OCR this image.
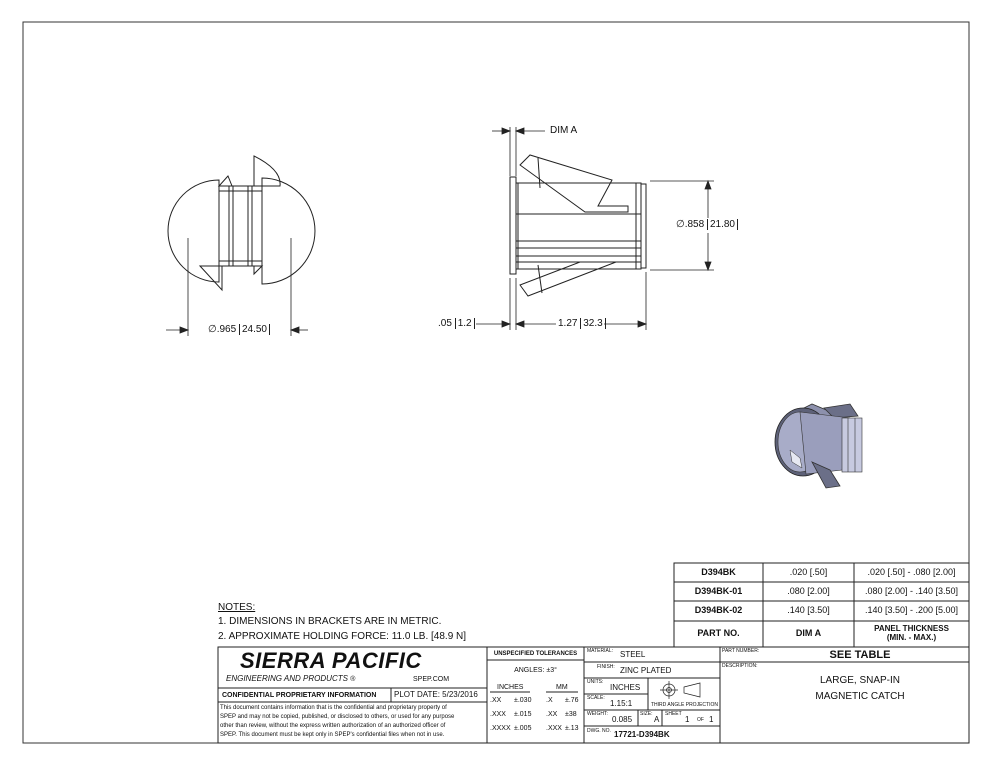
DIM A
∅.965 24.50
∅.858 21.80
.05 1.2	1.27 32.3
NOTES:
1. DIMENSIONS IN BRACKETS ARE IN METRIC.
2. APPROXIMATE HOLDING FORCE: 11.0 LB. [48.9 N]
D394BK	.020 [.50]	.020 [.50] - .080 [2.00]
D394BK-01	.080 [2.00]	.080 [2.00] - .140 [3.50]
D394BK-02	.140 [3.50]	.140 [3.50] - .200 [5.00]
PART NO.	DIM A	PANEL THICKNESS
(MIN. - MAX.)
SIERRA PACIFIC
ENGINEERING AND PRODUCTS ®	SPEP.COM
CONFIDENTIAL PROPRIETARY INFORMATION PLOT DATE: 5/23/2016
This document contains information that is the confidential and proprietary property of
SPEP and may not be copied, published, or disclosed to others, or used for any purpose
other than review, without the express written authorization of an authorized officer of
SPEP. This document must be kept only in SPEP's confidential files when not in use.
UNSPECIFIED TOLERANCES
ANGLES: ±3°
INCHES	MM
.XX ±.030 .X ±.76
.XXX ±.015 .XX ±38
.XXXX ±.005 .XXX ±.13
MATERIAL: STEEL
FINISH: ZINC PLATED
UNITS:
INCHES
SCALE:
1.15:1	THIRD ANGLE PROJECTION
WEIGHT:
0.085
SIZE:
A
SHEET
1 OF 1
DWG. NO. 17721-D394BK
PART NUMBER:	SEE TABLE
DESCRIPTION:
LARGE, SNAP-IN
MAGNETIC CATCH
